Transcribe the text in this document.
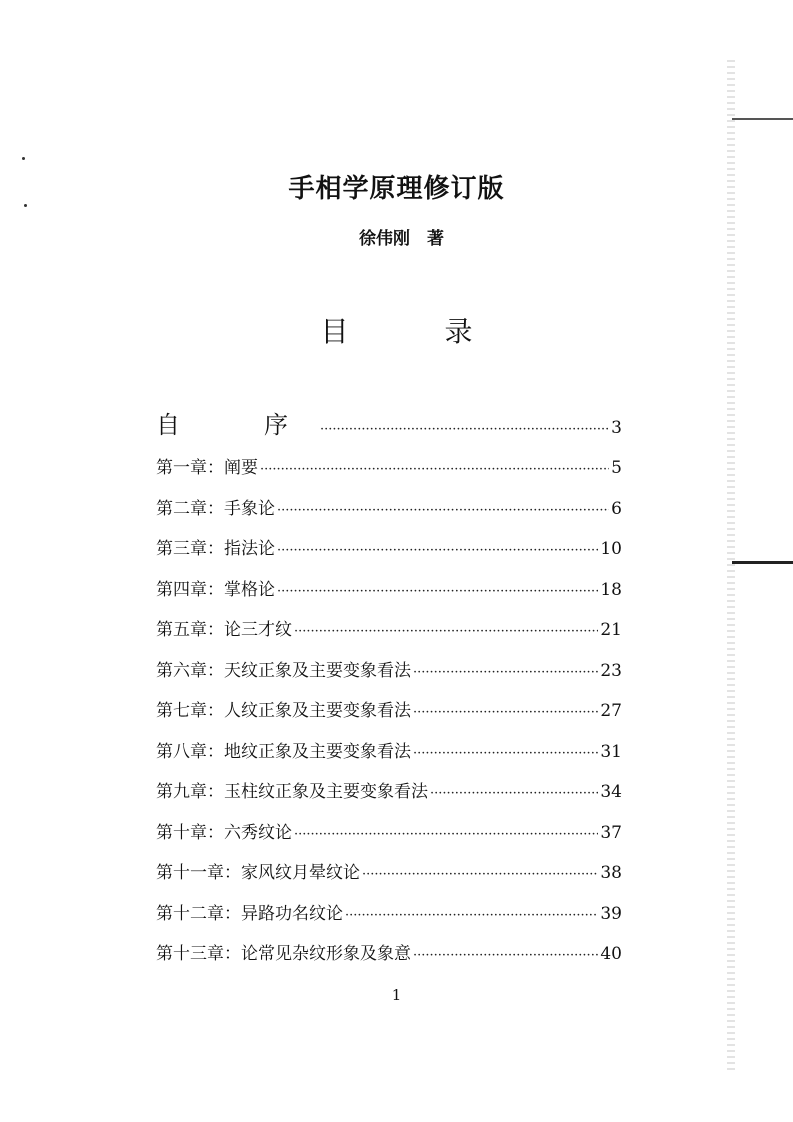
手相学原理修订版
徐伟刚　著
目　录
自　序 ·····	3
第一章：阐要 ·····	5
第二章：手象论 ·····	6
第三章：指法论 ·····	10
第四章：掌格论 ·····	18
第五章：论三才纹 ·····	21
第六章：天纹正象及主要变象看法 ·····	23
第七章：人纹正象及主要变象看法 ·····	27
第八章：地纹正象及主要变象看法 ·····	31
第九章：玉柱纹正象及主要变象看法 ·····	34
第十章：六秀纹论 ·····	37
第十一章：家风纹月晕纹论 ·····	38
第十二章：异路功名纹论 ·····	39
第十三章：论常见杂纹形象及象意 ·····	40
1
